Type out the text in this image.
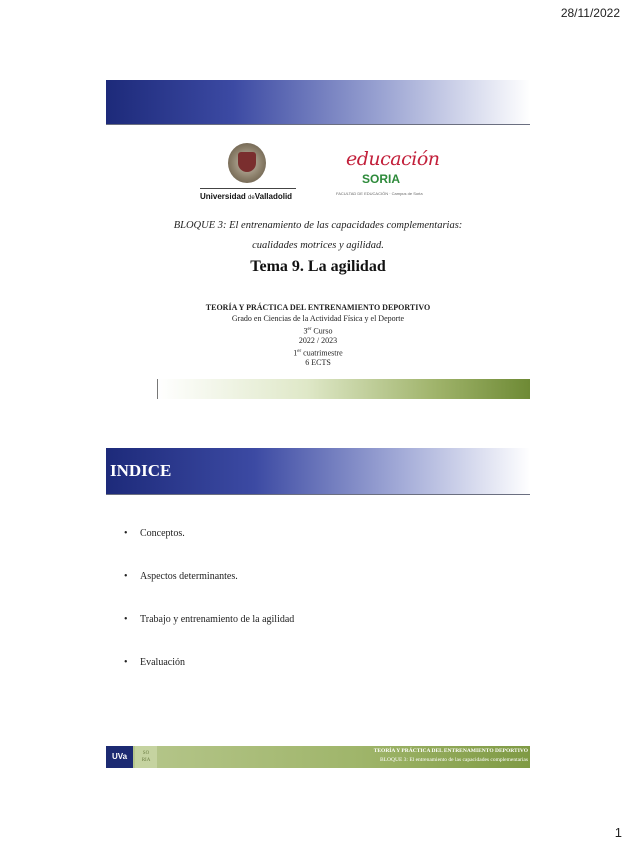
28/11/2022
Universidad deValladolid
educación
SORIA
FACULTAD DE EDUCACIÓN · Campus de Soria
BLOQUE 3: El entrenamiento de las capacidades complementarias:
cualidades motrices y agilidad.
Tema 9. La agilidad
TEORÍA Y PRÁCTICA DEL ENTRENAMIENTO DEPORTIVO
Grado en Ciencias de la Actividad Física y el Deporte
3er Curso
2022 / 2023
1er cuatrimestre
6 ECTS
INDICE
• Conceptos.
• Aspectos determinantes.
• Trabajo y entrenamiento de la agilidad
• Evaluación
UVa	SO
RIA
TEORÍA Y PRÁCTICA DEL ENTRENAMIENTO DEPORTIVO
BLOQUE 3: El entrenamiento de las capacidades complementarias
1
